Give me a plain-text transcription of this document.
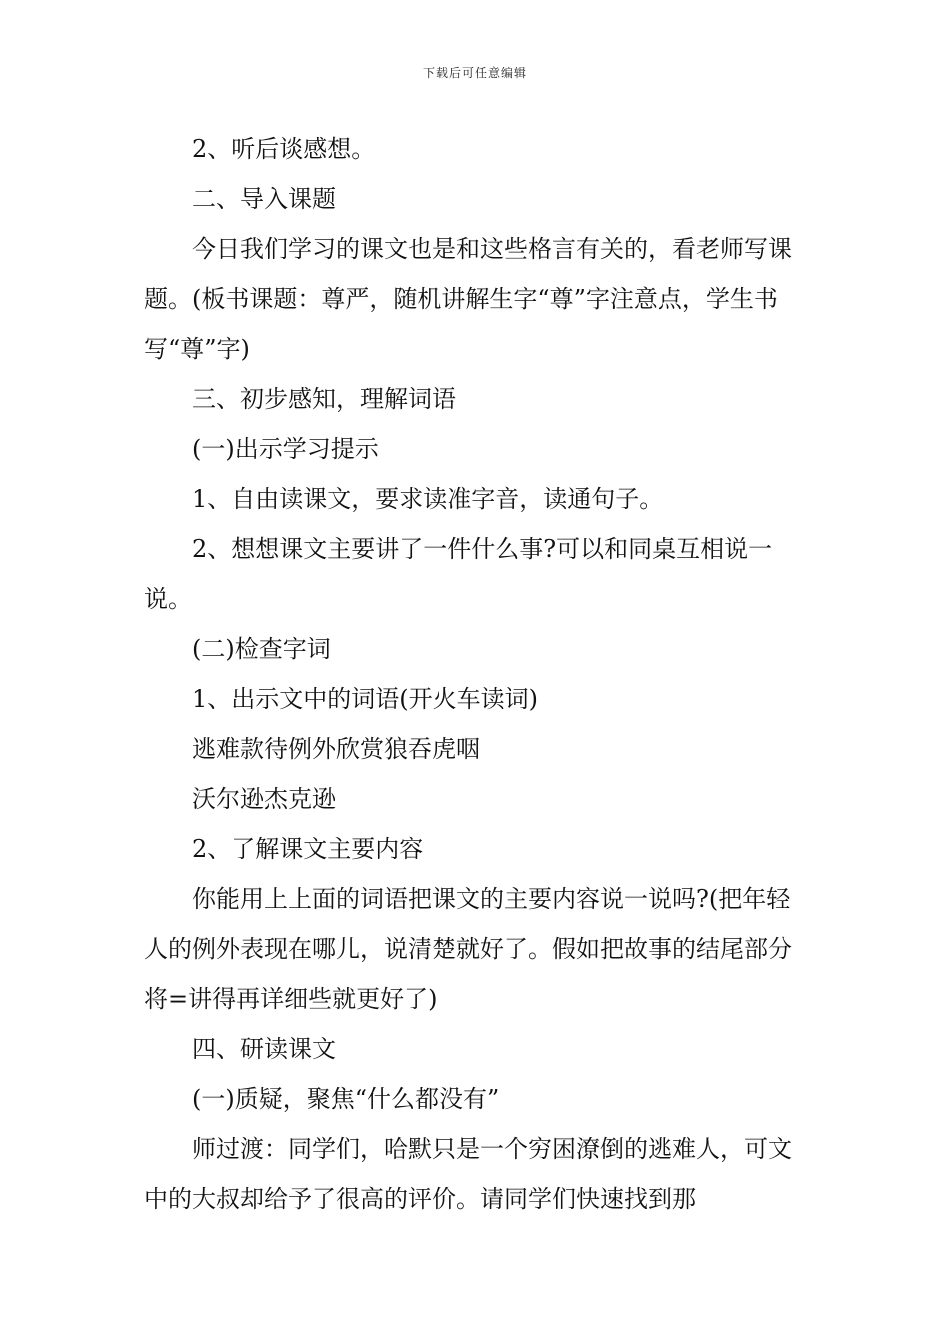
下载后可任意编辑

2、听后谈感想。

二、导入课题

今日我们学习的课文也是和这些格言有关的，看老师写课题。(板书课题：尊严，随机讲解生字“尊”字注意点，学生书写“尊”字)

三、初步感知，理解词语

(一)出示学习提示

1、自由读课文，要求读准字音，读通句子。

2、想想课文主要讲了一件什么事?可以和同桌互相说一说。

(二)检查字词

1、出示文中的词语(开火车读词)

逃难款待例外欣赏狼吞虎咽

沃尔逊杰克逊

2、了解课文主要内容

你能用上上面的词语把课文的主要内容说一说吗?(把年轻人的例外表现在哪儿，说清楚就好了。假如把故事的结尾部分将=讲得再详细些就更好了)

四、研读课文

(一)质疑，聚焦“什么都没有”

师过渡：同学们，哈默只是一个穷困潦倒的逃难人，可文中的大叔却给予了很高的评价。请同学们快速找到那
